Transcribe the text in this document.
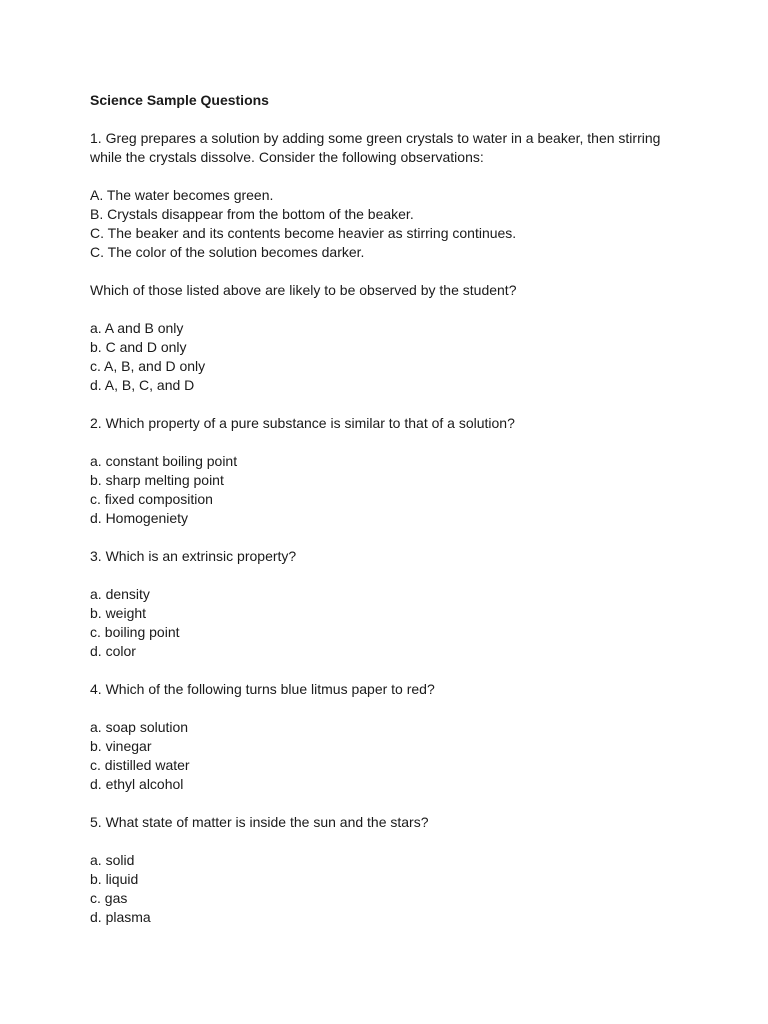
Science Sample Questions
1. Greg prepares a solution by adding some green crystals to water in a beaker, then stirring
while the crystals dissolve. Consider the following observations:
A. The water becomes green.
B. Crystals disappear from the bottom of the beaker.
C. The beaker and its contents become heavier as stirring continues.
C. The color of the solution becomes darker.
Which of those listed above are likely to be observed by the student?
a. A and B only
b. C and D only
c. A, B, and D only
d. A, B, C, and D
2. Which property of a pure substance is similar to that of a solution?
a. constant boiling point
b. sharp melting point
c. fixed composition
d. Homogeniety
3. Which is an extrinsic property?
a. density
b. weight
c. boiling point
d. color
4. Which of the following turns blue litmus paper to red?
a. soap solution
b. vinegar
c. distilled water
d. ethyl alcohol
5. What state of matter is inside the sun and the stars?
a. solid
b. liquid
c. gas
d. plasma
